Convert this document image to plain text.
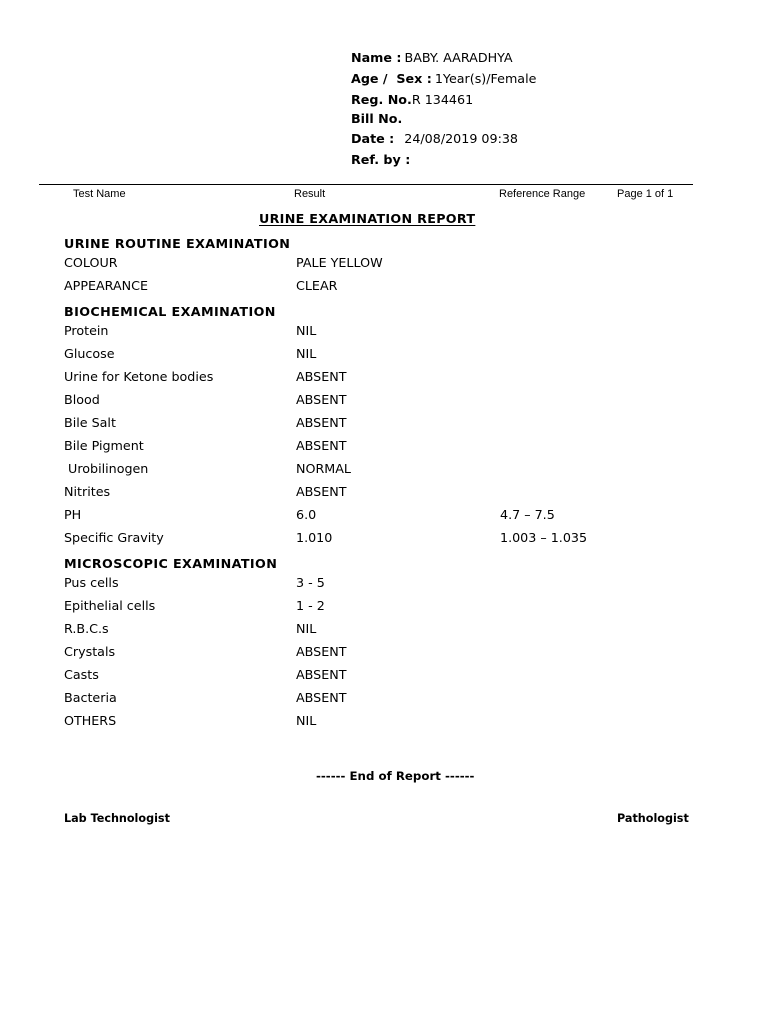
Name : BABY. AARADHYA
Age /  Sex : 1Year(s)/Female
Reg. No. R 134461
Bill No.
Date : 24/08/2019 09:38
Ref. by :
Test Name	Result	Reference Range	Page 1 of 1
URINE EXAMINATION REPORT
URINE ROUTINE EXAMINATION
COLOUR	PALE YELLOW
APPEARANCE	CLEAR
BIOCHEMICAL EXAMINATION
Protein	NIL
Glucose	NIL
Urine for Ketone bodies	ABSENT
Blood	ABSENT
Bile Salt	ABSENT
Bile Pigment	ABSENT
Urobilinogen	NORMAL
Nitrites	ABSENT
PH	6.0	4.7 – 7.5
Specific Gravity	1.010	1.003 – 1.035
MICROSCOPIC EXAMINATION
Pus cells	3 - 5
Epithelial cells	1 - 2
R.B.C.s	NIL
Crystals	ABSENT
Casts	ABSENT
Bacteria	ABSENT
OTHERS	NIL
------ End of Report ------
Lab Technologist	Pathologist
